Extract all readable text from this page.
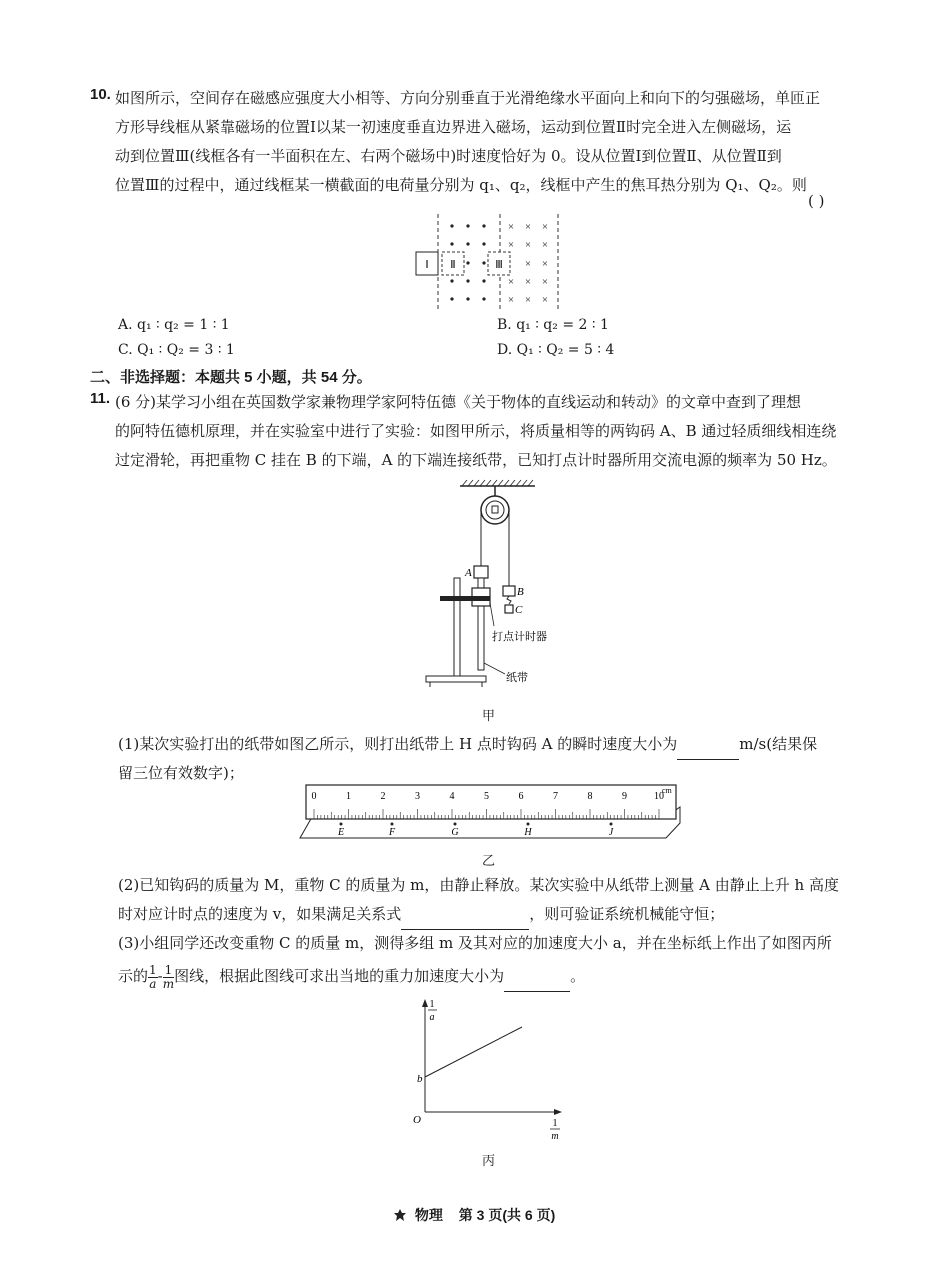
10. 如图所示，空间存在磁感应强度大小相等、方向分别垂直于光滑绝缘水平面向上和向下的匀强磁场，单匝正
方形导线框从紧靠磁场的位置Ⅰ以某一初速度垂直边界进入磁场，运动到位置Ⅱ时完全进入左侧磁场，运
动到位置Ⅲ(线框各有一半面积在左、右两个磁场中)时速度恰好为 0。设从位置Ⅰ到位置Ⅱ、从位置Ⅱ到
位置Ⅲ的过程中，通过线框某一横截面的电荷量分别为 q₁、q₂，线框中产生的焦耳热分别为 Q₁、Q₂。则
( )
× × ×
× × ×
× ×
× × ×
× × ×
Ⅰ Ⅱ	Ⅲ
A. q₁ ∶ q₂ = 1 ∶ 1	B. q₁ ∶ q₂ = 2 ∶ 1
C. Q₁ ∶ Q₂ = 3 ∶ 1	D. Q₁ ∶ Q₂ = 5 ∶ 4
二、非选择题：本题共 5 小题，共 54 分。
11. (6 分)某学习小组在英国数学家兼物理学家阿特伍德《关于物体的直线运动和转动》的文章中查到了理想
的阿特伍德机原理，并在实验室中进行了实验：如图甲所示，将质量相等的两钩码 A、B 通过轻质细线相连绕
过定滑轮，再把重物 C 挂在 B 的下端，A 的下端连接纸带，已知打点计时器所用交流电源的频率为 50 Hz。
A
B
C
打点计时器
纸带
甲
(1)某次实验打出的纸带如图乙所示，则打出纸带上 H 点时钩码 A 的瞬时速度大小为	m/s(结果保
留三位有效数字)；
0	1	2	3	4	5	6	7	8	9	10
cm
E	F	G	H	J
乙
(2)已知钩码的质量为 M，重物 C 的质量为 m，由静止释放。某次实验中从纸带上测量 A 由静止上升 h 高度
时对应计时点的速度为 v，如果满足关系式	，则可验证系统机械能守恒；
(3)小组同学还改变重物 C 的质量 m，测得多组 m 及其对应的加速度大小 a，并在坐标纸上作出了如图丙所
示的 $\frac{1}{a} - \frac{1}{m}$ 图线，根据此图线可求出当地的重力加速度大小为	。
1
a
b
O	1
m
丙
物理 第 3 页(共 6 页)
